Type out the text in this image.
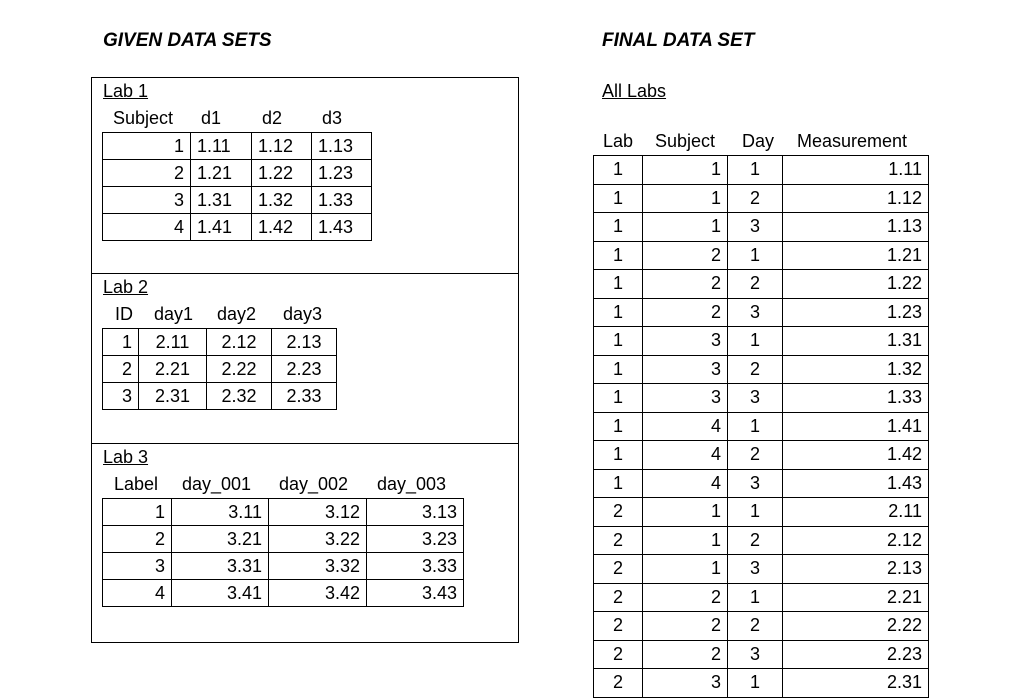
GIVEN DATA SETS	FINAL DATA SET
Lab 1
Subject d1 d2 d3
1	1.11	1.12	1.13
2	1.21	1.22	1.23
3	1.31	1.32	1.33
4	1.41	1.42	1.43
Lab 2
ID day1 day2 day3
1	2.11	2.12	2.13
2	2.21	2.22	2.23
3	2.31	2.32	2.33
Lab 3
Label day_001 day_002 day_003
1	3.11	3.12	3.13
2	3.21	3.22	3.23
3	3.31	3.32	3.33
4	3.41	3.42	3.43
All Labs
Lab Subject Day Measurement
1	1	1	1.11
1	1	2	1.12
1	1	3	1.13
1	2	1	1.21
1	2	2	1.22
1	2	3	1.23
1	3	1	1.31
1	3	2	1.32
1	3	3	1.33
1	4	1	1.41
1	4	2	1.42
1	4	3	1.43
2	1	1	2.11
2	1	2	2.12
2	1	3	2.13
2	2	1	2.21
2	2	2	2.22
2	2	3	2.23
2	3	1	2.31
